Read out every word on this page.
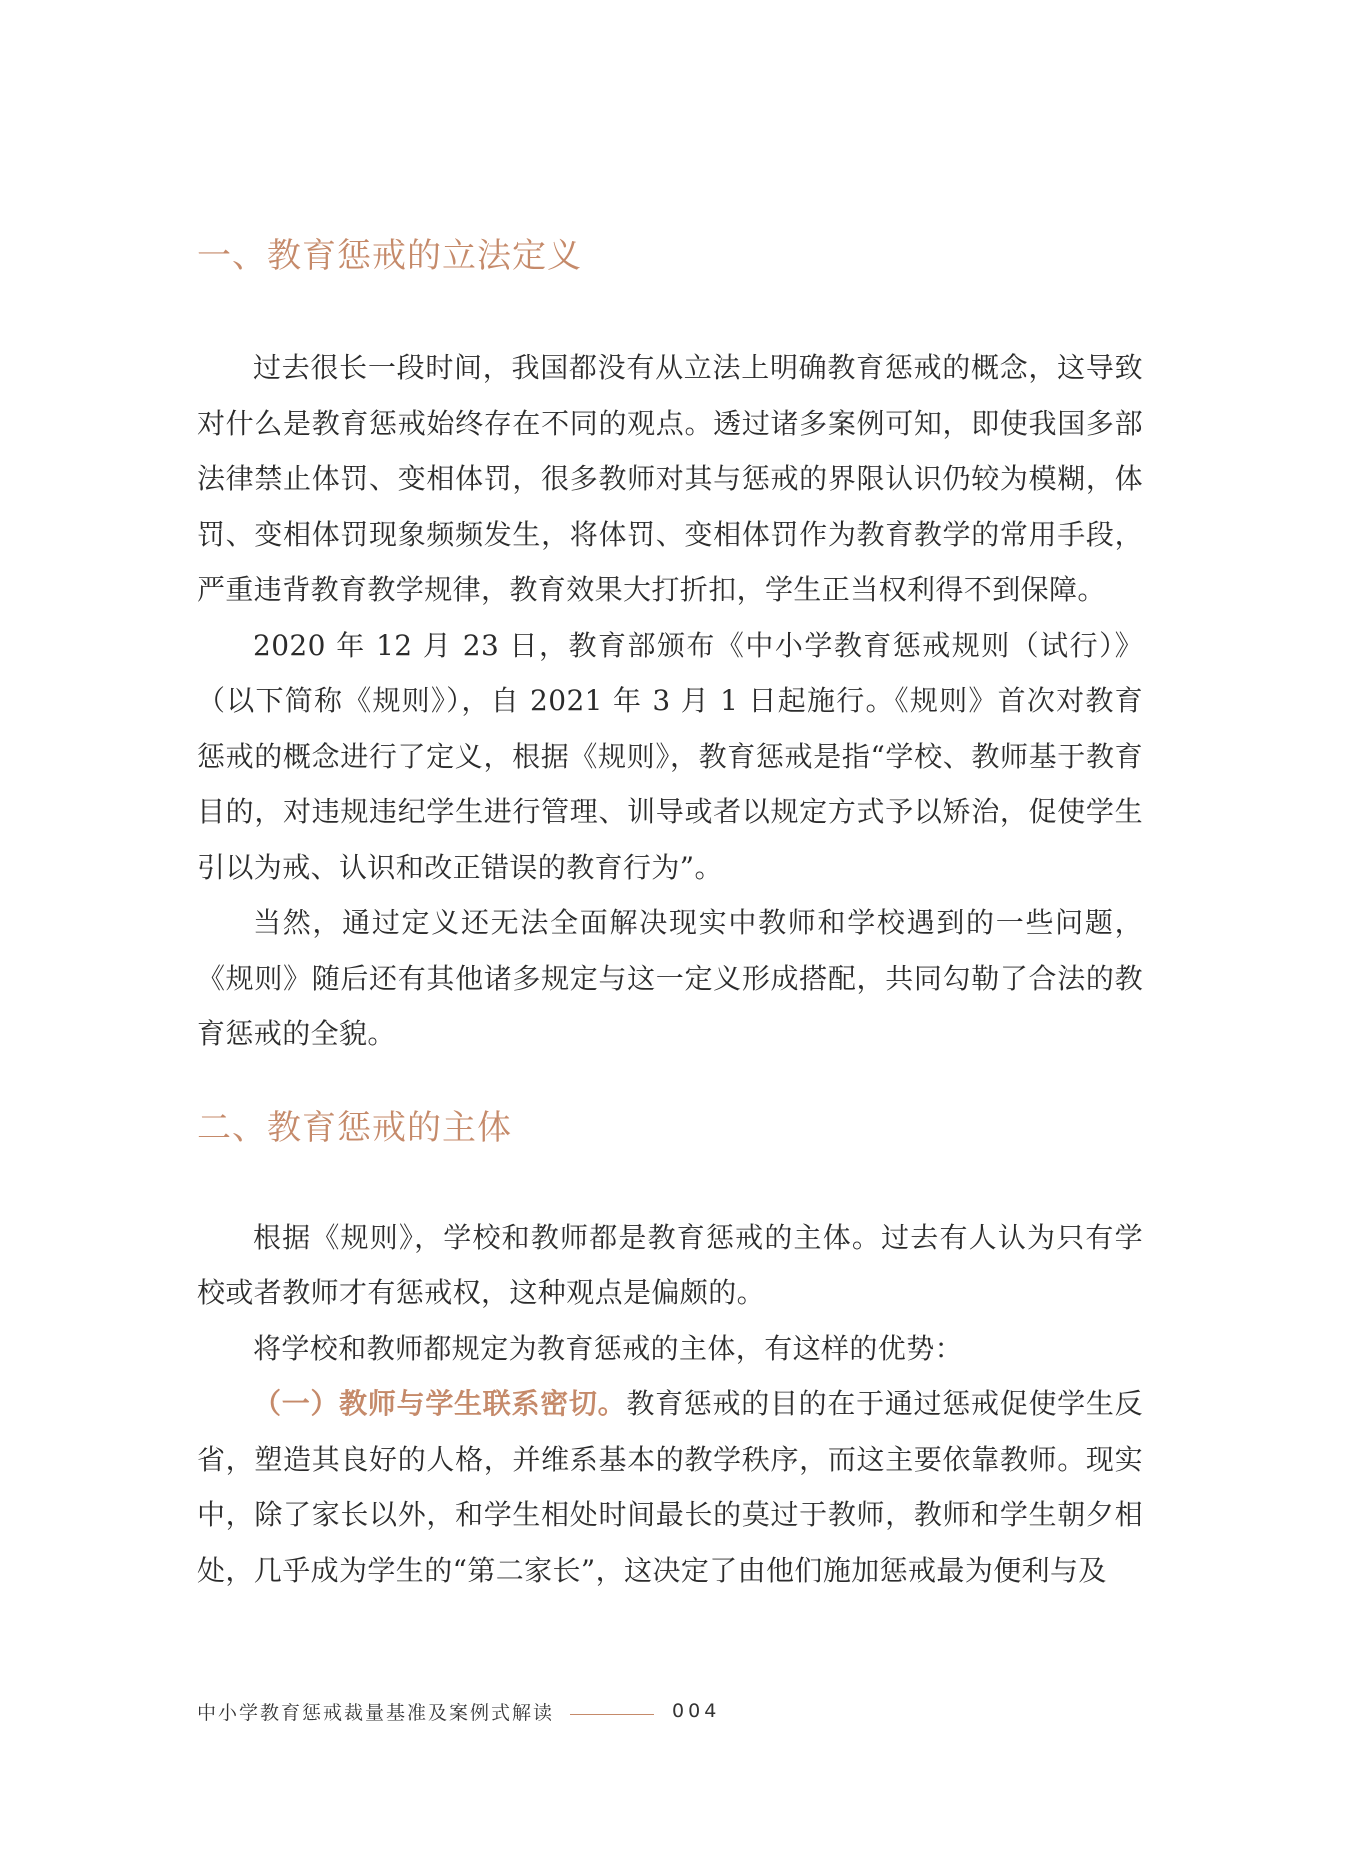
一、教育惩戒的立法定义

过去很长一段时间，我国都没有从立法上明确教育惩戒的概念，这导致对什么是教育惩戒始终存在不同的观点。透过诸多案例可知，即使我国多部法律禁止体罚、变相体罚，很多教师对其与惩戒的界限认识仍较为模糊，体罚、变相体罚现象频频发生，将体罚、变相体罚作为教育教学的常用手段，严重违背教育教学规律，教育效果大打折扣，学生正当权利得不到保障。

2020 年 12 月 23 日，教育部颁布《中小学教育惩戒规则（试行）》（以下简称《规则》），自 2021 年 3 月 1 日起施行。《规则》首次对教育惩戒的概念进行了定义，根据《规则》，教育惩戒是指“学校、教师基于教育目的，对违规违纪学生进行管理、训导或者以规定方式予以矫治，促使学生引以为戒、认识和改正错误的教育行为”。

当然，通过定义还无法全面解决现实中教师和学校遇到的一些问题，《规则》随后还有其他诸多规定与这一定义形成搭配，共同勾勒了合法的教育惩戒的全貌。

二、教育惩戒的主体

根据《规则》，学校和教师都是教育惩戒的主体。过去有人认为只有学校或者教师才有惩戒权，这种观点是偏颇的。

将学校和教师都规定为教育惩戒的主体，有这样的优势：

（一）教师与学生联系密切。教育惩戒的目的在于通过惩戒促使学生反省，塑造其良好的人格，并维系基本的教学秩序，而这主要依靠教师。现实中，除了家长以外，和学生相处时间最长的莫过于教师，教师和学生朝夕相处，几乎成为学生的“第二家长”，这决定了由他们施加惩戒最为便利与及

中小学教育惩戒裁量基准及案例式解读	004
